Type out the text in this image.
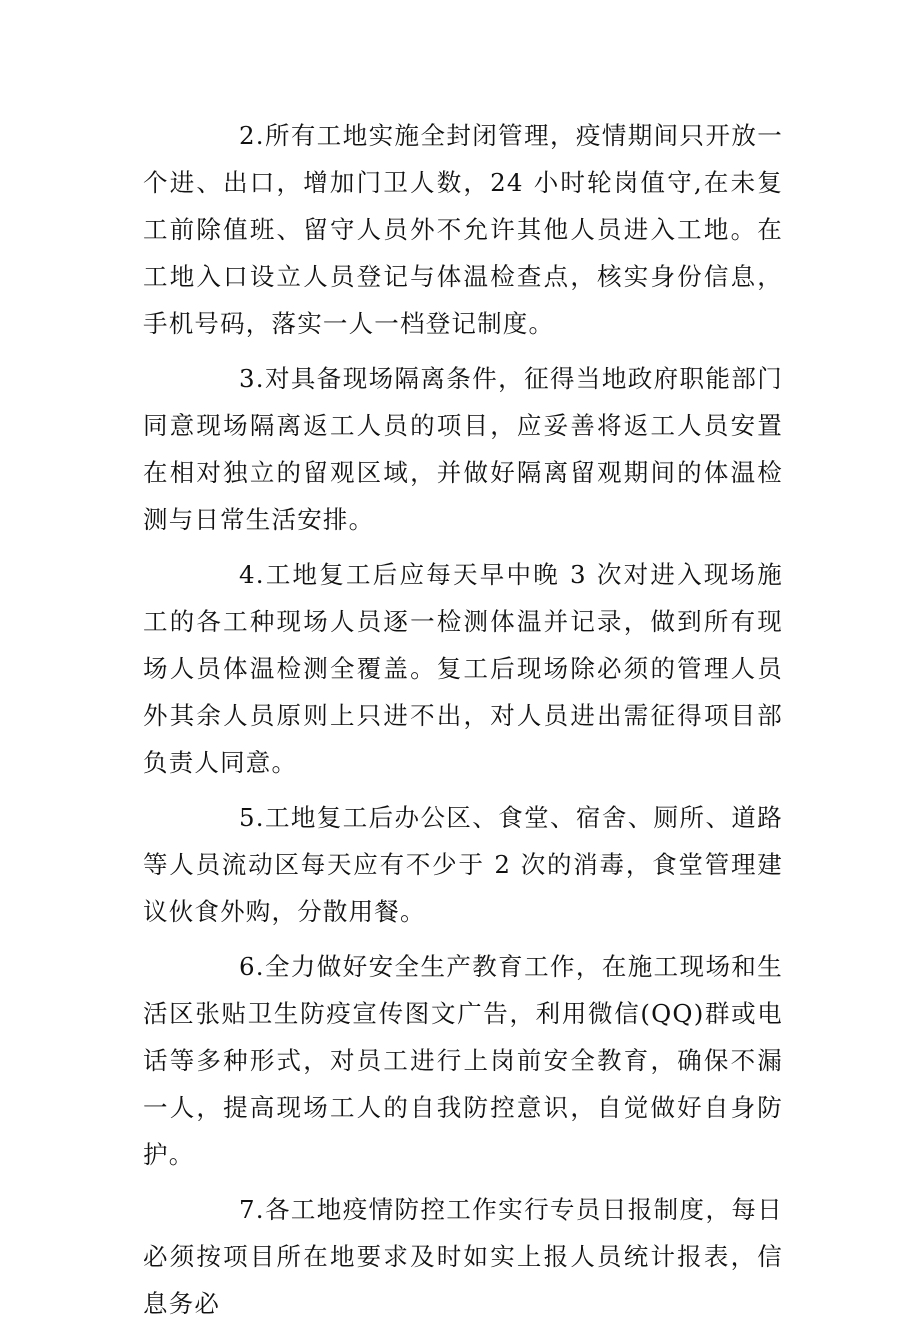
2.所有工地实施全封闭管理，疫情期间只开放一个进、出口，增加门卫人数，24 小时轮岗值守,在未复工前除值班、留守人员外不允许其他人员进入工地。在工地入口设立人员登记与体温检查点，核实身份信息，手机号码，落实一人一档登记制度。

3.对具备现场隔离条件，征得当地政府职能部门同意现场隔离返工人员的项目，应妥善将返工人员安置在相对独立的留观区域，并做好隔离留观期间的体温检测与日常生活安排。

4.工地复工后应每天早中晚 3 次对进入现场施工的各工种现场人员逐一检测体温并记录，做到所有现场人员体温检测全覆盖。复工后现场除必须的管理人员外其余人员原则上只进不出，对人员进出需征得项目部负责人同意。

5.工地复工后办公区、食堂、宿舍、厕所、道路等人员流动区每天应有不少于 2 次的消毒，食堂管理建议伙食外购，分散用餐。

6.全力做好安全生产教育工作，在施工现场和生活区张贴卫生防疫宣传图文广告，利用微信(QQ)群或电话等多种形式，对员工进行上岗前安全教育，确保不漏一人，提高现场工人的自我防控意识，自觉做好自身防护。

7.各工地疫情防控工作实行专员日报制度，每日必须按项目所在地要求及时如实上报人员统计报表，信息务必
